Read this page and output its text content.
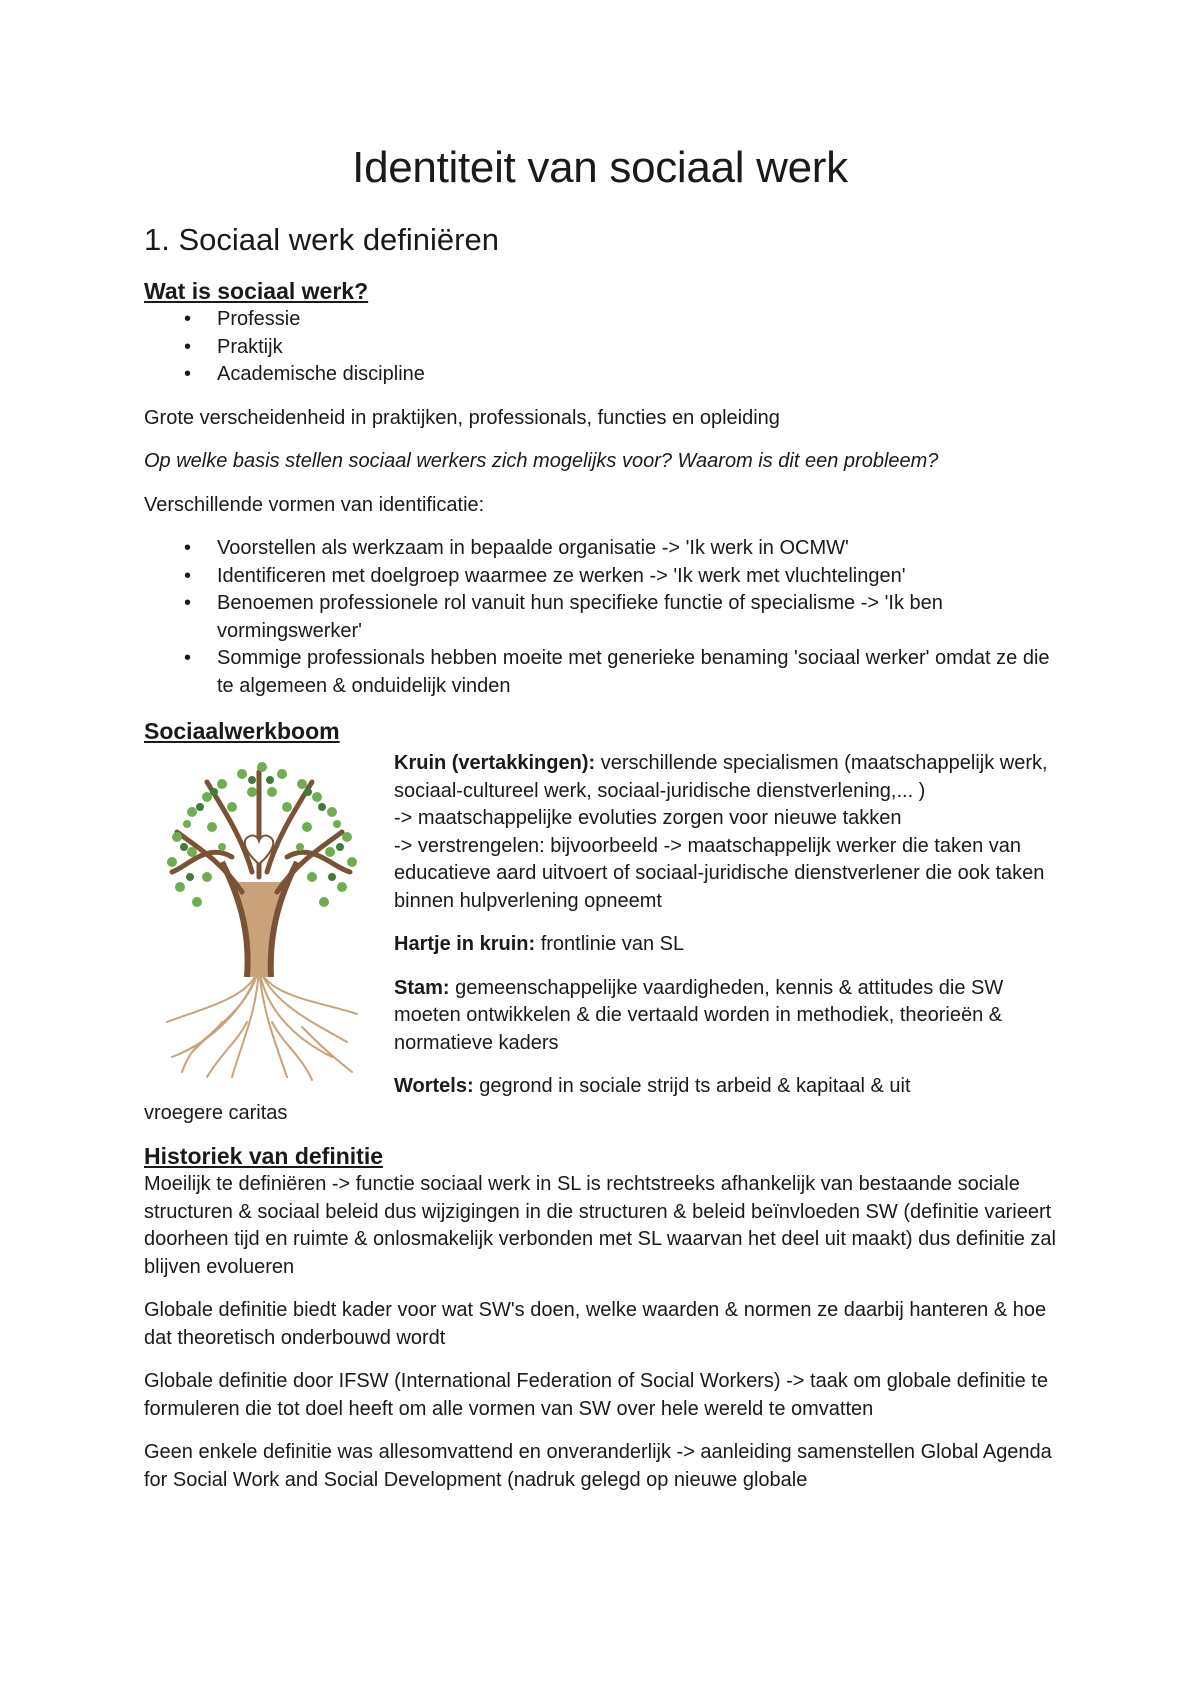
Identiteit van sociaal werk
1. Sociaal werk definiëren

Wat is sociaal werk?

• Professie
• Praktijk
• Academische discipline

Grote verscheidenheid in praktijken, professionals, functies en opleiding

Op welke basis stellen sociaal werkers zich mogelijks voor? Waarom is dit een probleem?

Verschillende vormen van identificatie:

• Voorstellen als werkzaam in bepaalde organisatie -> 'Ik werk in OCMW'
• Identificeren met doelgroep waarmee ze werken -> 'Ik werk met vluchtelingen'
• Benoemen professionele rol vanuit hun specifieke functie of specialisme -> 'Ik ben vormingswerker'
• Sommige professionals hebben moeite met generieke benaming 'sociaal werker' omdat ze die te algemeen & onduidelijk vinden

Sociaalwerkboom

Kruin (vertakkingen): verschillende specialismen (maatschappelijk werk, sociaal-cultureel werk, sociaal-juridische dienstverlening,... )

-> maatschappelijke evoluties zorgen voor nieuwe takken

-> verstrengelen: bijvoorbeeld -> maatschappelijk werker die taken van educatieve aard uitvoert of sociaal-juridische dienstverlener die ook taken binnen hulpverlening opneemt

Hartje in kruin: frontlinie van SL

Stam: gemeenschappelijke vaardigheden, kennis & attitudes die SW moeten ontwikkelen & die vertaald worden in methodiek, theorieën & normatieve kaders

Wortels: gegrond in sociale strijd ts arbeid & kapitaal & uit

vroegere caritas

Historiek van definitie

Moeilijk te definiëren -> functie sociaal werk in SL is rechtstreeks afhankelijk van bestaande sociale structuren & sociaal beleid dus wijzigingen in die structuren & beleid beïnvloeden SW (definitie varieert doorheen tijd en ruimte & onlosmakelijk verbonden met SL waarvan het deel uit maakt) dus definitie zal blijven evolueren

Globale definitie biedt kader voor wat SW's doen, welke waarden & normen ze daarbij hanteren & hoe dat theoretisch onderbouwd wordt

Globale definitie door IFSW (International Federation of Social Workers) -> taak om globale definitie te formuleren die tot doel heeft om alle vormen van SW over hele wereld te omvatten

Geen enkele definitie was allesomvattend en onveranderlijk -> aanleiding samenstellen Global Agenda for Social Work and Social Development (nadruk gelegd op nieuwe globale
